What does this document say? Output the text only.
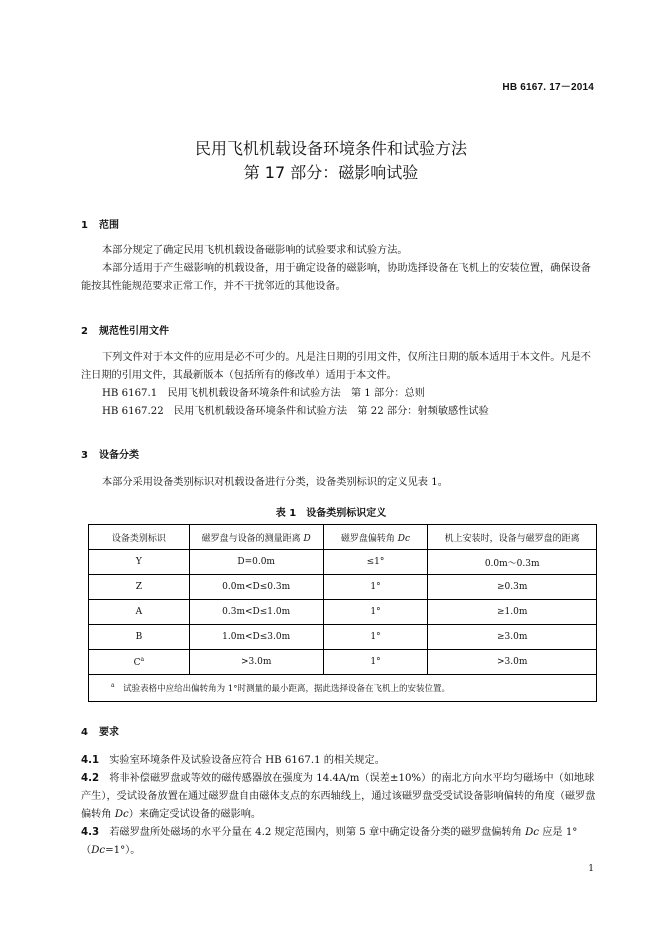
HB 6167. 17－2014
民用飞机机载设备环境条件和试验方法
第 17 部分：磁影响试验
1 范围
本部分规定了确定民用飞机机载设备磁影响的试验要求和试验方法。
本部分适用于产生磁影响的机载设备，用于确定设备的磁影响，协助选择设备在飞机上的安装位置，确保设备能按其性能规范要求正常工作，并不干扰邻近的其他设备。
2 规范性引用文件
下列文件对于本文件的应用是必不可少的。凡是注日期的引用文件，仅所注日期的版本适用于本文件。凡是不注日期的引用文件，其最新版本（包括所有的修改单）适用于本文件。
HB 6167.1　民用飞机机载设备环境条件和试验方法　第 1 部分：总则
HB 6167.22　民用飞机机载设备环境条件和试验方法　第 22 部分：射频敏感性试验
3 设备分类
本部分采用设备类别标识对机载设备进行分类，设备类别标识的定义见表 1。
表 1　设备类别标识定义
设备类别标识	磁罗盘与设备的测量距离 D	磁罗盘偏转角 Dc	机上安装时，设备与磁罗盘的距离
Y	D=0.0m	≤1°	0.0m～0.3m
Z	0.0m<D≤0.3m	1°	≥0.3m
A	0.3m<D≤1.0m	1°	≥1.0m
B	1.0m<D≤3.0m	1°	≥3.0m
$C^a$	>3.0m	1°	>3.0m
$^a$　 试验表格中应给出偏转角为 1°时测量的最小距离，据此选择设备在飞机上的安装位置。			
4 要求
4.1　 实验室环境条件及试验设备应符合 HB 6167.1 的相关规定。
4.2　 将非补偿磁罗盘或等效的磁传感器放在强度为 14.4A/m（误差±10%）的南北方向水平均匀磁场中（如地球产生），受试设备放置在通过磁罗盘自由磁体支点的东西轴线上，通过该磁罗盘受受试设备影响偏转的角度（磁罗盘偏转角 Dc）来确定受试设备的磁影响。
4.3　 若磁罗盘所处磁场的水平分量在 4.2 规定范围内，则第 5 章中确定设备分类的磁罗盘偏转角 Dc 应是 1°（Dc=1°）。
1
